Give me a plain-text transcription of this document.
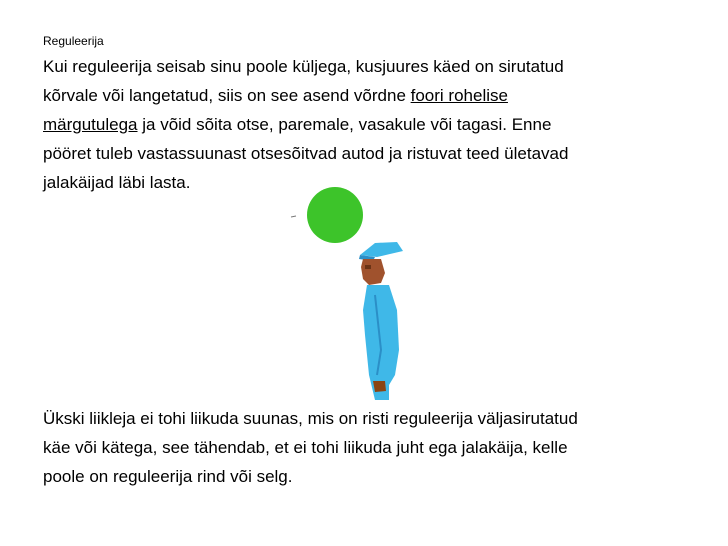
Reguleerija
Kui reguleerija seisab sinu poole küljega, kusjuures käed on sirutatud
kõrvale või langetatud, siis on see asend võrdne foori rohelise
märgutulega ja võid sõita otse, paremale, vasakule või tagasi. Enne
pööret tuleb vastassuunast otsesõitvad autod ja ristuvat teed ületavad
jalakäijad läbi lasta.
Ükski liikleja ei tohi liikuda suunas, mis on risti reguleerija väljasirutatud
käe või kätega, see tähendab, et ei tohi liikuda juht ega jalakäija, kelle
poole on reguleerija rind või selg.
